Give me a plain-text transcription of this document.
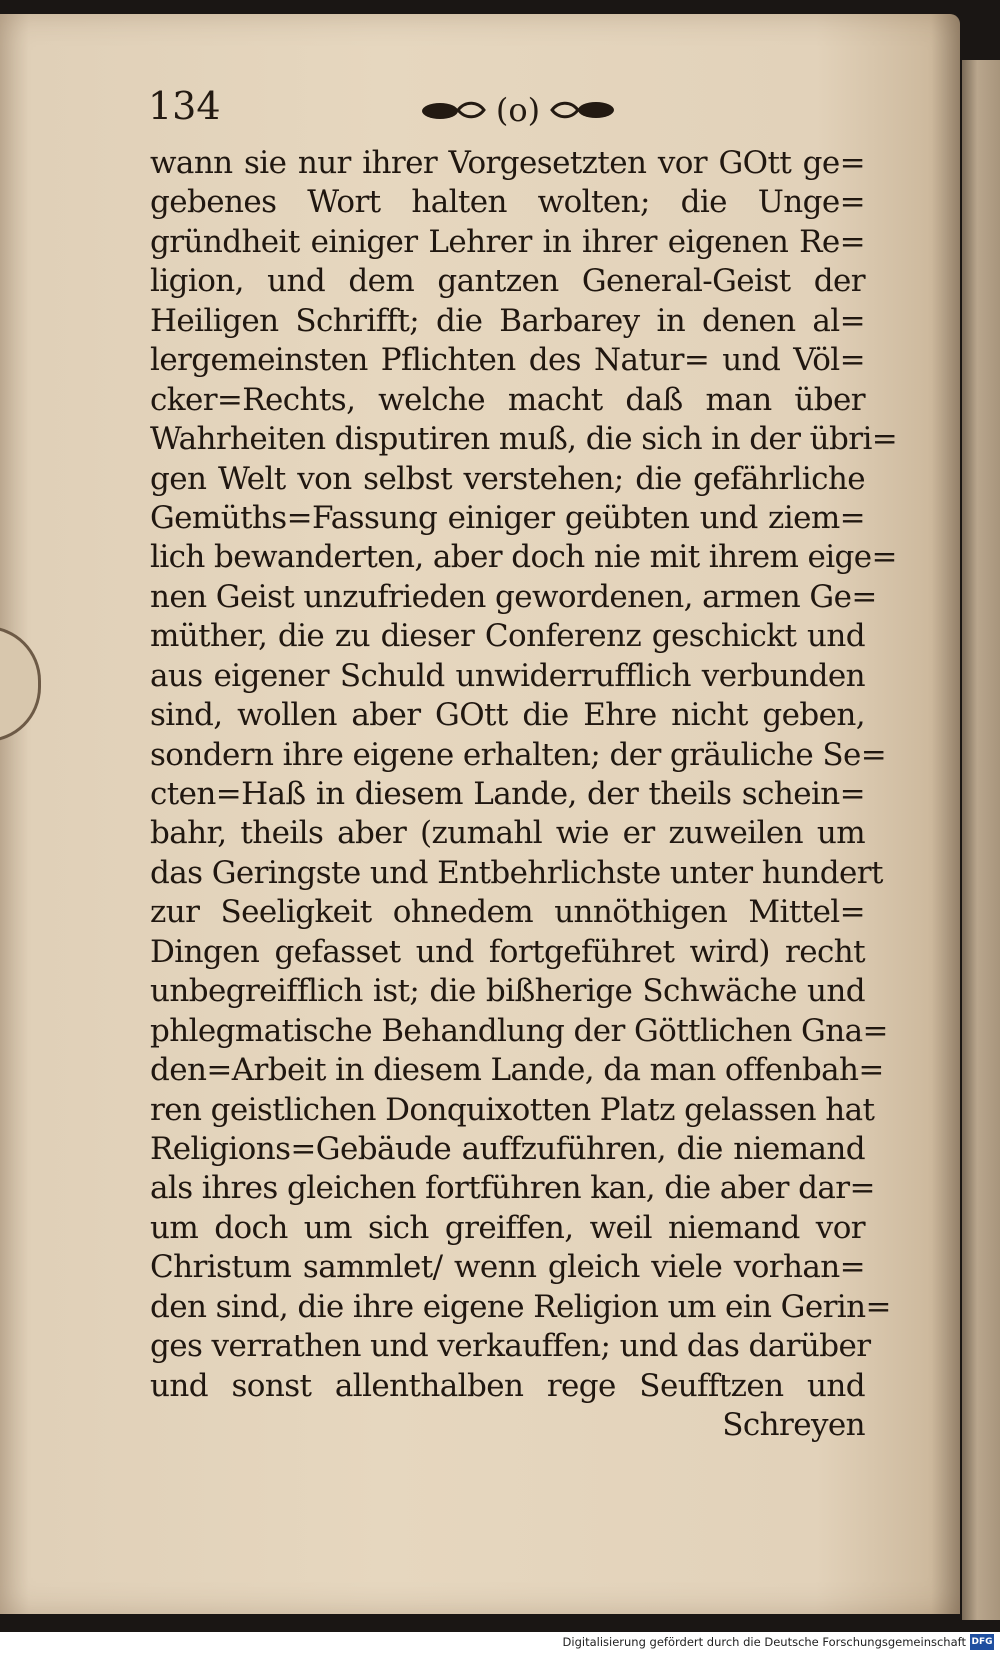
134	(o)
wann sie nur ihrer Vorgesetzten vor GOtt ge=
gebenes Wort halten wolten; die Unge=
gründheit einiger Lehrer in ihrer eigenen Re=
ligion, und dem gantzen General-Geist der
Heiligen Schrifft; die Barbarey in denen al=
lergemeinsten Pflichten des Natur= und Völ=
cker=Rechts, welche macht daß man über
Wahrheiten disputiren muß, die sich in der übri=
gen Welt von selbst verstehen; die gefährliche
Gemüths=Fassung einiger geübten und ziem=
lich bewanderten, aber doch nie mit ihrem eige=
nen Geist unzufrieden gewordenen, armen Ge=
müther, die zu dieser Conferenz geschickt und
aus eigener Schuld unwiderrufflich verbunden
sind, wollen aber GOtt die Ehre nicht geben,
sondern ihre eigene erhalten; der gräuliche Se=
cten=Haß in diesem Lande, der theils schein=
bahr, theils aber (zumahl wie er zuweilen um
das Geringste und Entbehrlichste unter hundert
zur Seeligkeit ohnedem unnöthigen Mittel=
Dingen gefasset und fortgeführet wird) recht
unbegreifflich ist; die bißherige Schwäche und
phlegmatische Behandlung der Göttlichen Gna=
den=Arbeit in diesem Lande, da man offenbah=
ren geistlichen Donquixotten Platz gelassen hat
Religions=Gebäude auffzuführen, die niemand
als ihres gleichen fortführen kan, die aber dar=
um doch um sich greiffen, weil niemand vor
Christum sammlet/ wenn gleich viele vorhan=
den sind, die ihre eigene Religion um ein Gerin=
ges verrathen und verkauffen; und das darüber
und sonst allenthalben rege Seufftzen und
Schreyen
Digitalisierung gefördert durch die Deutsche Forschungsgemeinschaft DFG
